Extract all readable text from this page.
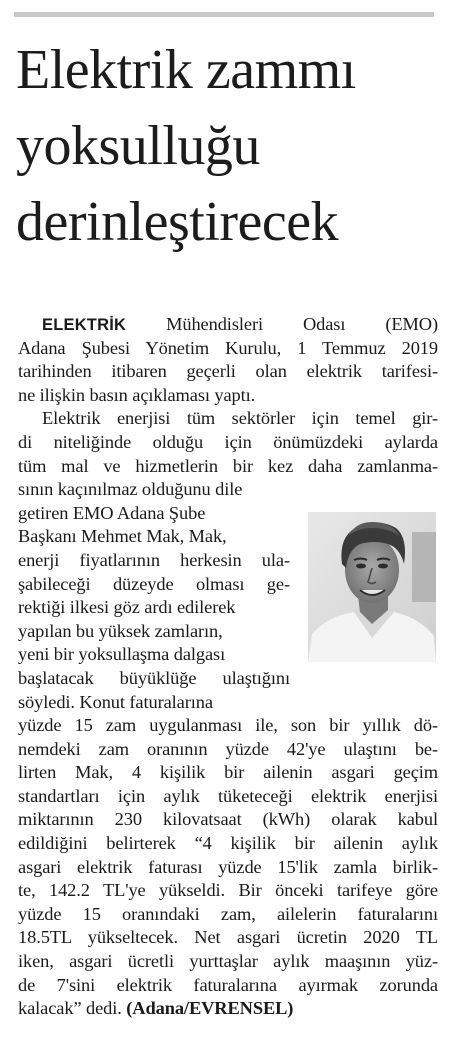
Elektrik zammı
yoksulluğu
derinleştirecek
ELEKTRİK Mühendisleri Odası (EMO)
Adana Şubesi Yönetim Kurulu, 1 Temmuz 2019
tarihinden itibaren geçerli olan elektrik tarifesi-
ne ilişkin basın açıklaması yaptı.
Elektrik enerjisi tüm sektörler için temel gir-
di niteliğinde olduğu için önümüzdeki aylarda
tüm mal ve hizmetlerin bir kez daha zamlanma-
sının kaçınılmaz olduğunu dile
getiren EMO Adana Şube
Başkanı Mehmet Mak, Mak,
enerji fiyatlarının herkesin ula-
şabileceği düzeyde olması ge-
rektiği ilkesi göz ardı edilerek
yapılan bu yüksek zamların,
yeni bir yoksullaşma dalgası
başlatacak büyüklüğe ulaştığını
söyledi. Konut faturalarına
yüzde 15 zam uygulanması ile, son bir yıllık dö-
nemdeki zam oranının yüzde 42'ye ulaştını be-
lirten Mak, 4 kişilik bir ailenin asgari geçim
standartları için aylık tüketeceği elektrik enerjisi
miktarının 230 kilovatsaat (kWh) olarak kabul
edildiğini belirterek “4 kişilik bir ailenin aylık
asgari elektrik faturası yüzde 15'lik zamla birlik-
te, 142.2 TL'ye yükseldi. Bir önceki tarifeye göre
yüzde 15 oranındaki zam, ailelerin faturalarını
18.5TL yükseltecek. Net asgari ücretin 2020 TL
iken, asgari ücretli yurttaşlar aylık maaşının yüz-
de 7'sini elektrik faturalarına ayırmak zorunda
kalacak” dedi. (Adana/EVRENSEL)
